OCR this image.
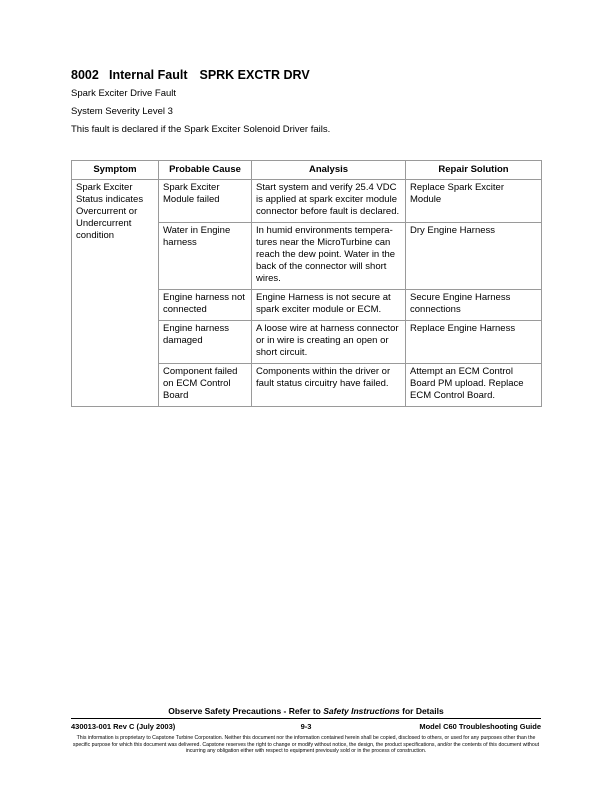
8002 Internal Fault SPRK EXCTR DRV
Spark Exciter Drive Fault
System Severity Level 3
This fault is declared if the Spark Exciter Solenoid Driver fails.
Symptom	Probable Cause	Analysis	Repair Solution
Spark Exciter Status indicates Overcurrent or Undercurrent condition	Spark Exciter Module failed	Start system and verify 25.4 VDC is applied at spark exciter module connector before fault is declared.	Replace Spark Exciter Module
	Water in Engine harness	In humid environments tempera-tures near the MicroTurbine can reach the dew point. Water in the back of the connector will short wires.	Dry Engine Harness
	Engine harness not connected	Engine Harness is not secure at spark exciter module or ECM.	Secure Engine Harness connections
	Engine harness damaged	A loose wire at harness connector or in wire is creating an open or short circuit.	Replace Engine Harness
	Component failed on ECM Control Board	Components within the driver or fault status circuitry have failed.	Attempt an ECM Control Board PM upload. Replace ECM Control Board.
Observe Safety Precautions - Refer to Safety Instructions for Details
430013-001 Rev C (July 2003)	9-3	Model C60 Troubleshooting Guide
This information is proprietary to Capstone Turbine Corporation. Neither this document nor the information contained herein shall be copied, disclosed to others, or used for any purposes other than the specific purpose for which this document was delivered. Capstone reserves the right to change or modify without notice, the design, the product specifications, and/or the contents of this document without incurring any obligation either with respect to equipment previously sold or in the process of construction.
